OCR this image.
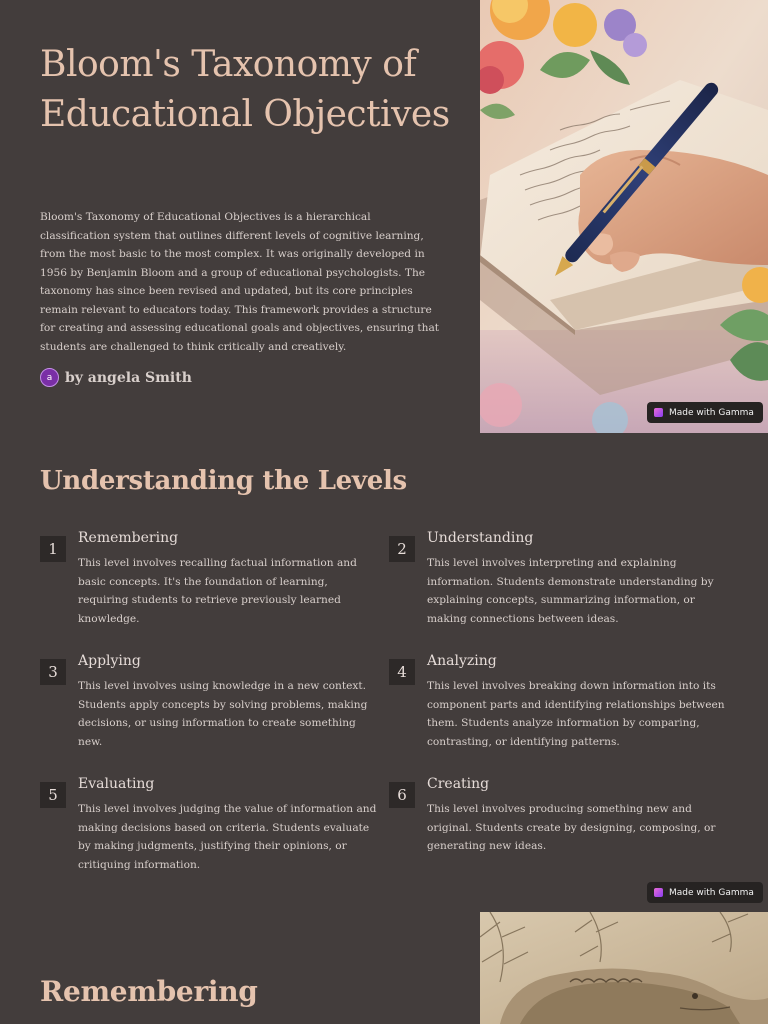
Bloom's Taxonomy of Educational Objectives

Bloom's Taxonomy of Educational Objectives is a hierarchical classification system that outlines different levels of cognitive learning, from the most basic to the most complex. It was originally developed in 1956 by Benjamin Bloom and a group of educational psychologists. The taxonomy has since been revised and updated, but its core principles remain relevant to educators today. This framework provides a structure for creating and assessing educational goals and objectives, ensuring that students are challenged to think critically and creatively.

a by angela Smith
Made with Gamma
Understanding the Levels
1
Remembering

This level involves recalling factual information and basic concepts. It's the foundation of learning, requiring students to retrieve previously learned knowledge.

2
Understanding

This level involves interpreting and explaining information. Students demonstrate understanding by explaining concepts, summarizing information, or making connections between ideas.

3
Applying

This level involves using knowledge in a new context. Students apply concepts by solving problems, making decisions, or using information to create something new.

4
Analyzing

This level involves breaking down information into its component parts and identifying relationships between them. Students analyze information by comparing, contrasting, or identifying patterns.

5
Evaluating

This level involves judging the value of information and making decisions based on criteria. Students evaluate by making judgments, justifying their opinions, or critiquing information.

6
Creating

This level involves producing something new and original. Students create by designing, composing, or generating new ideas.

Made with Gamma
Remembering
